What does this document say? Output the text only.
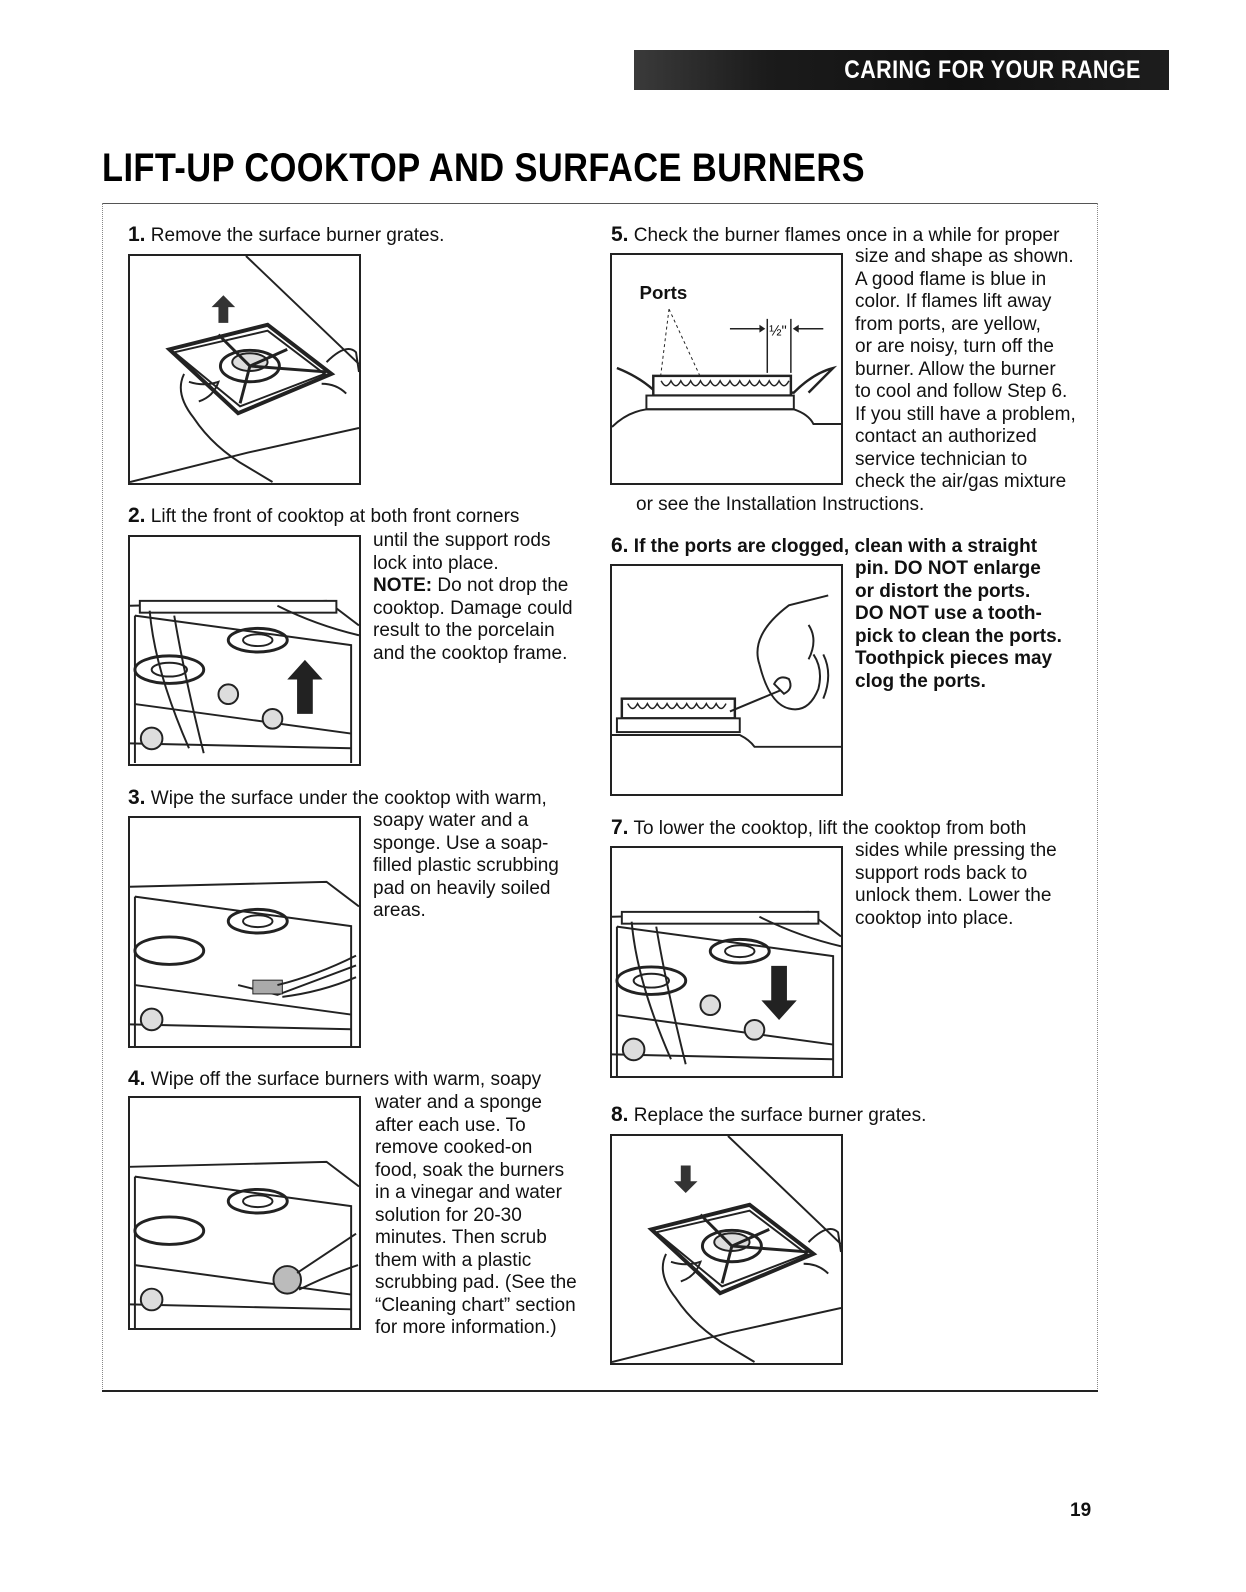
CARING FOR YOUR RANGE
LIFT-UP COOKTOP AND SURFACE BURNERS

1. Remove the surface burner grates.

2. Lift the front of cooktop at both front corners

until the support rods
lock into place.
NOTE: Do not drop the
cooktop. Damage could
result to the porcelain
and the cooktop frame.

3. Wipe the surface under the cooktop with warm,

soapy water and a
sponge. Use a soap-
filled plastic scrubbing
pad on heavily soiled
areas.

4. Wipe off the surface burners with warm, soapy

water and a sponge
after each use. To
remove cooked-on
food, soak the burners
in a vinegar and water
solution for 20-30
minutes. Then scrub
them with a plastic
scrubbing pad. (See the
“Cleaning chart” section
for more information.)

5. Check the burner flames once in a while for proper

size and shape as shown.
A good flame is blue in
color. If flames lift away
from ports, are yellow,
or are noisy, turn off the
burner. Allow the burner
to cool and follow Step 6.
If you still have a problem,
contact an authorized
service technician to
check the air/gas mixture

or see the Installation Instructions.

Ports
½"

6. If the ports are clogged, clean with a straight

pin. DO NOT enlarge
or distort the ports.
DO NOT use a tooth-
pick to clean the ports.
Toothpick pieces may
clog the ports.

7. To lower the cooktop, lift the cooktop from both

sides while pressing the
support rods back to
unlock them. Lower the
cooktop into place.

8. Replace the surface burner grates.

19
